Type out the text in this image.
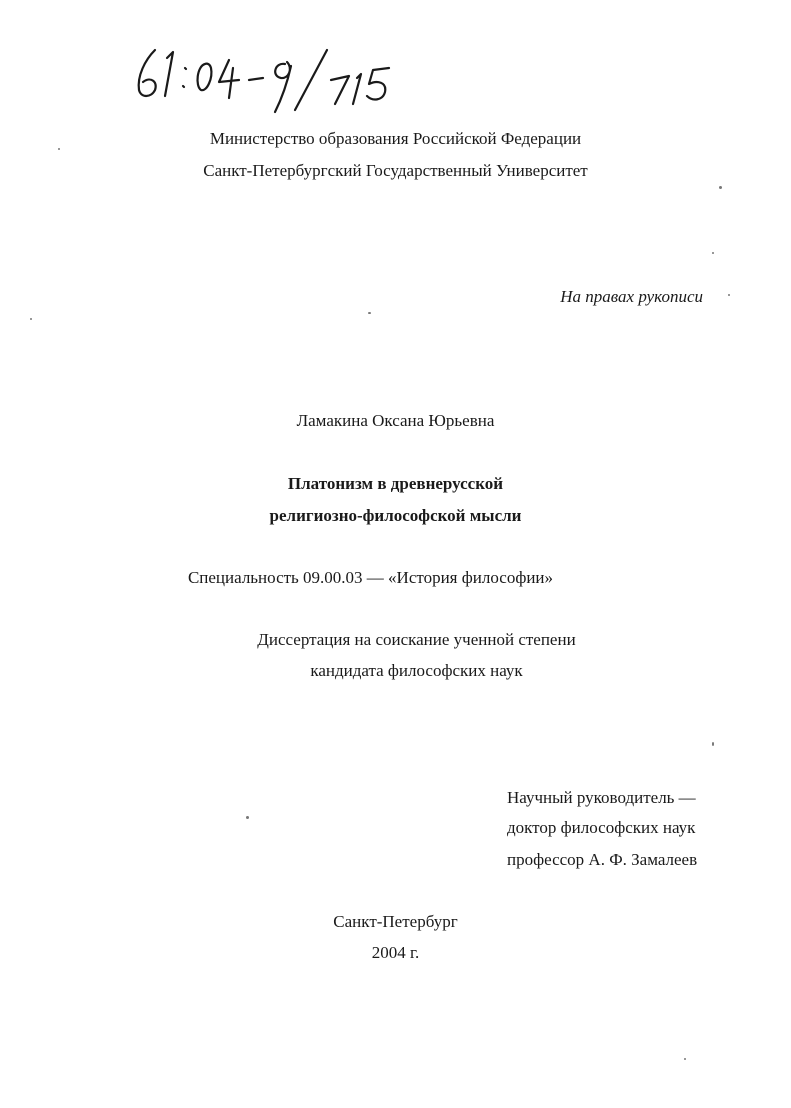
Министерство образования Российской Федерации
Санкт-Петербургский Государственный Университет
На правах рукописи
Ламакина Оксана Юрьевна
Платонизм в древнерусской
религиозно-философской мысли
Специальность 09.00.03 — «История философии»
Диссертация на соискание ученной степени
кандидата философских наук
Научный руководитель —
доктор философских наук
профессор А. Ф. Замалеев
Санкт-Петербург
2004 г.
